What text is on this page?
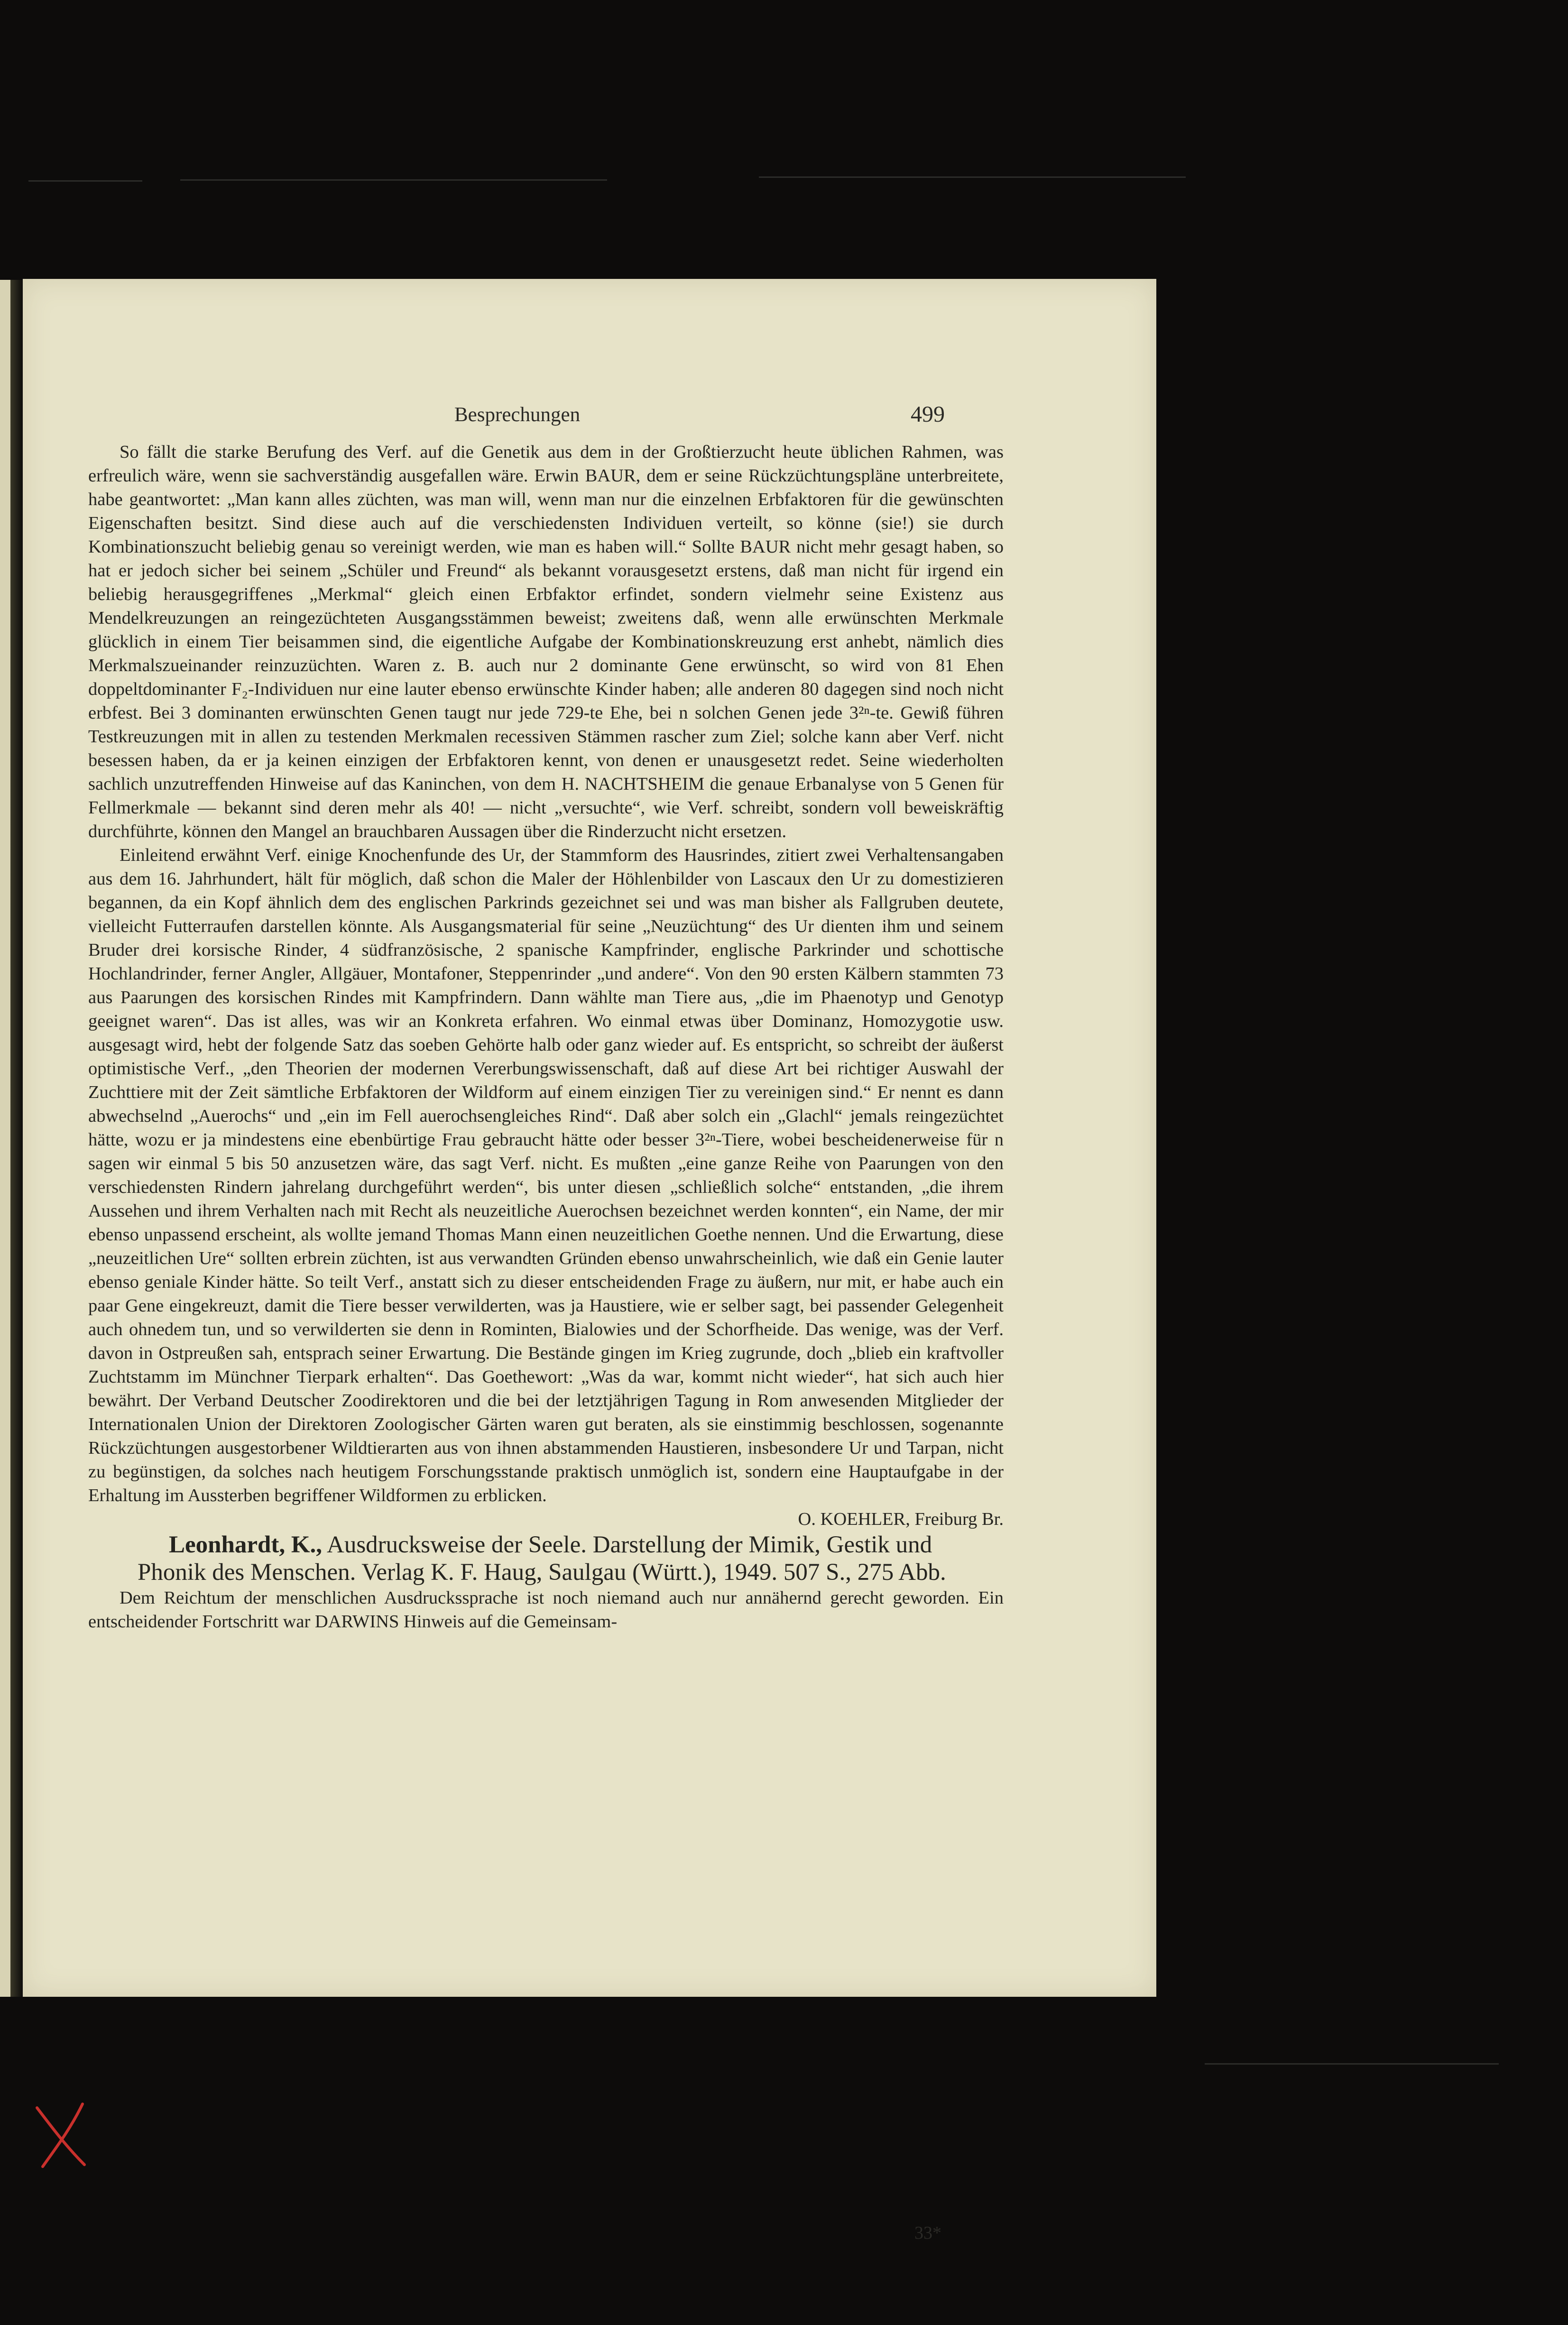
Besprechungen	499

So fällt die starke Berufung des Verf. auf die Genetik aus dem in der Großtierzucht heute üblichen Rahmen, was erfreulich wäre, wenn sie sachverständig ausgefallen wäre. Erwin BAUR, dem er seine Rückzüchtungspläne unterbreitete, habe geantwortet: „Man kann alles züchten, was man will, wenn man nur die einzelnen Erbfaktoren für die gewünschten Eigenschaften besitzt. Sind diese auch auf die verschiedensten Individuen verteilt, so könne (sie!) sie durch Kombinationszucht beliebig genau so vereinigt werden, wie man es haben will.“ Sollte BAUR nicht mehr gesagt haben, so hat er jedoch sicher bei seinem „Schüler und Freund“ als bekannt vorausgesetzt erstens, daß man nicht für irgend ein beliebig herausgegriffenes „Merkmal“ gleich einen Erbfaktor erfindet, sondern vielmehr seine Existenz aus Mendelkreuzungen an reingezüchteten Ausgangsstämmen beweist; zweitens daß, wenn alle erwünschten Merkmale glücklich in einem Tier beisammen sind, die eigentliche Aufgabe der Kombinationskreuzung erst anhebt, nämlich dies Merkmalszueinander reinzuzüchten. Waren z. B. auch nur 2 dominante Gene erwünscht, so wird von 81 Ehen doppeltdominanter F₂-Individuen nur eine lauter ebenso erwünschte Kinder haben; alle anderen 80 dagegen sind noch nicht erbfest. Bei 3 dominanten erwünschten Genen taugt nur jede 729-te Ehe, bei n solchen Genen jede 3²ⁿ-te. Gewiß führen Testkreuzungen mit in allen zu testenden Merkmalen recessiven Stämmen rascher zum Ziel; solche kann aber Verf. nicht besessen haben, da er ja keinen einzigen der Erbfaktoren kennt, von denen er unausgesetzt redet. Seine wiederholten sachlich unzutreffenden Hinweise auf das Kaninchen, von dem H. NACHTSHEIM die genaue Erbanalyse von 5 Genen für Fellmerkmale — bekannt sind deren mehr als 40! — nicht „versuchte“, wie Verf. schreibt, sondern voll beweiskräftig durchführte, können den Mangel an brauchbaren Aussagen über die Rinderzucht nicht ersetzen.

Einleitend erwähnt Verf. einige Knochenfunde des Ur, der Stammform des Hausrindes, zitiert zwei Verhaltensangaben aus dem 16. Jahrhundert, hält für möglich, daß schon die Maler der Höhlenbilder von Lascaux den Ur zu domestizieren begannen, da ein Kopf ähnlich dem des englischen Parkrinds gezeichnet sei und was man bisher als Fallgruben deutete, vielleicht Futterraufen darstellen könnte. Als Ausgangsmaterial für seine „Neuzüchtung“ des Ur dienten ihm und seinem Bruder drei korsische Rinder, 4 südfranzösische, 2 spanische Kampfrinder, englische Parkrinder und schottische Hochlandrinder, ferner Angler, Allgäuer, Montafoner, Steppenrinder „und andere“. Von den 90 ersten Kälbern stammten 73 aus Paarungen des korsischen Rindes mit Kampfrindern. Dann wählte man Tiere aus, „die im Phaenotyp und Genotyp geeignet waren“. Das ist alles, was wir an Konkreta erfahren. Wo einmal etwas über Dominanz, Homozygotie usw. ausgesagt wird, hebt der folgende Satz das soeben Gehörte halb oder ganz wieder auf. Es entspricht, so schreibt der äußerst optimistische Verf., „den Theorien der modernen Vererbungswissenschaft, daß auf diese Art bei richtiger Auswahl der Zuchttiere mit der Zeit sämtliche Erbfaktoren der Wildform auf einem einzigen Tier zu vereinigen sind.“ Er nennt es dann abwechselnd „Auerochs“ und „ein im Fell auerochsengleiches Rind“. Daß aber solch ein „Glachl“ jemals reingezüchtet hätte, wozu er ja mindestens eine ebenbürtige Frau gebraucht hätte oder besser 3²ⁿ-Tiere, wobei bescheidenerweise für n sagen wir einmal 5 bis 50 anzusetzen wäre, das sagt Verf. nicht. Es mußten „eine ganze Reihe von Paarungen von den verschiedensten Rindern jahrelang durchgeführt werden“, bis unter diesen „schließlich solche“ entstanden, „die ihrem Aussehen und ihrem Verhalten nach mit Recht als neuzeitliche Auerochsen bezeichnet werden konnten“, ein Name, der mir ebenso unpassend erscheint, als wollte jemand Thomas Mann einen neuzeitlichen Goethe nennen. Und die Erwartung, diese „neuzeitlichen Ure“ sollten erbrein züchten, ist aus verwandten Gründen ebenso unwahrscheinlich, wie daß ein Genie lauter ebenso geniale Kinder hätte. So teilt Verf., anstatt sich zu dieser entscheidenden Frage zu äußern, nur mit, er habe auch ein paar Gene eingekreuzt, damit die Tiere besser verwilderten, was ja Haustiere, wie er selber sagt, bei passender Gelegenheit auch ohnedem tun, und so verwilderten sie denn in Rominten, Bialowies und der Schorfheide. Das wenige, was der Verf. davon in Ostpreußen sah, entsprach seiner Erwartung. Die Bestände gingen im Krieg zugrunde, doch „blieb ein kraftvoller Zuchtstamm im Münchner Tierpark erhalten“. Das Goethewort: „Was da war, kommt nicht wieder“, hat sich auch hier bewährt. Der Verband Deutscher Zoodirektoren und die bei der letztjährigen Tagung in Rom anwesenden Mitglieder der Internationalen Union der Direktoren Zoologischer Gärten waren gut beraten, als sie einstimmig beschlossen, sogenannte Rückzüchtungen ausgestorbener Wildtierarten aus von ihnen abstammenden Haustieren, insbesondere Ur und Tarpan, nicht zu begünstigen, da solches nach heutigem Forschungsstande praktisch unmöglich ist, sondern eine Hauptaufgabe in der Erhaltung im Aussterben begriffener Wildformen zu erblicken.

O. KOEHLER, Freiburg Br.

Leonhardt, K., Ausdrucksweise der Seele. Darstellung der Mimik, Gestik und Phonik des Menschen. Verlag K. F. Haug, Saulgau (Württ.), 1949. 507 S., 275 Abb.

Dem Reichtum der menschlichen Ausdruckssprache ist noch niemand auch nur annähernd gerecht geworden. Ein entscheidender Fortschritt war DARWINS Hinweis auf die Gemeinsam-

33*
